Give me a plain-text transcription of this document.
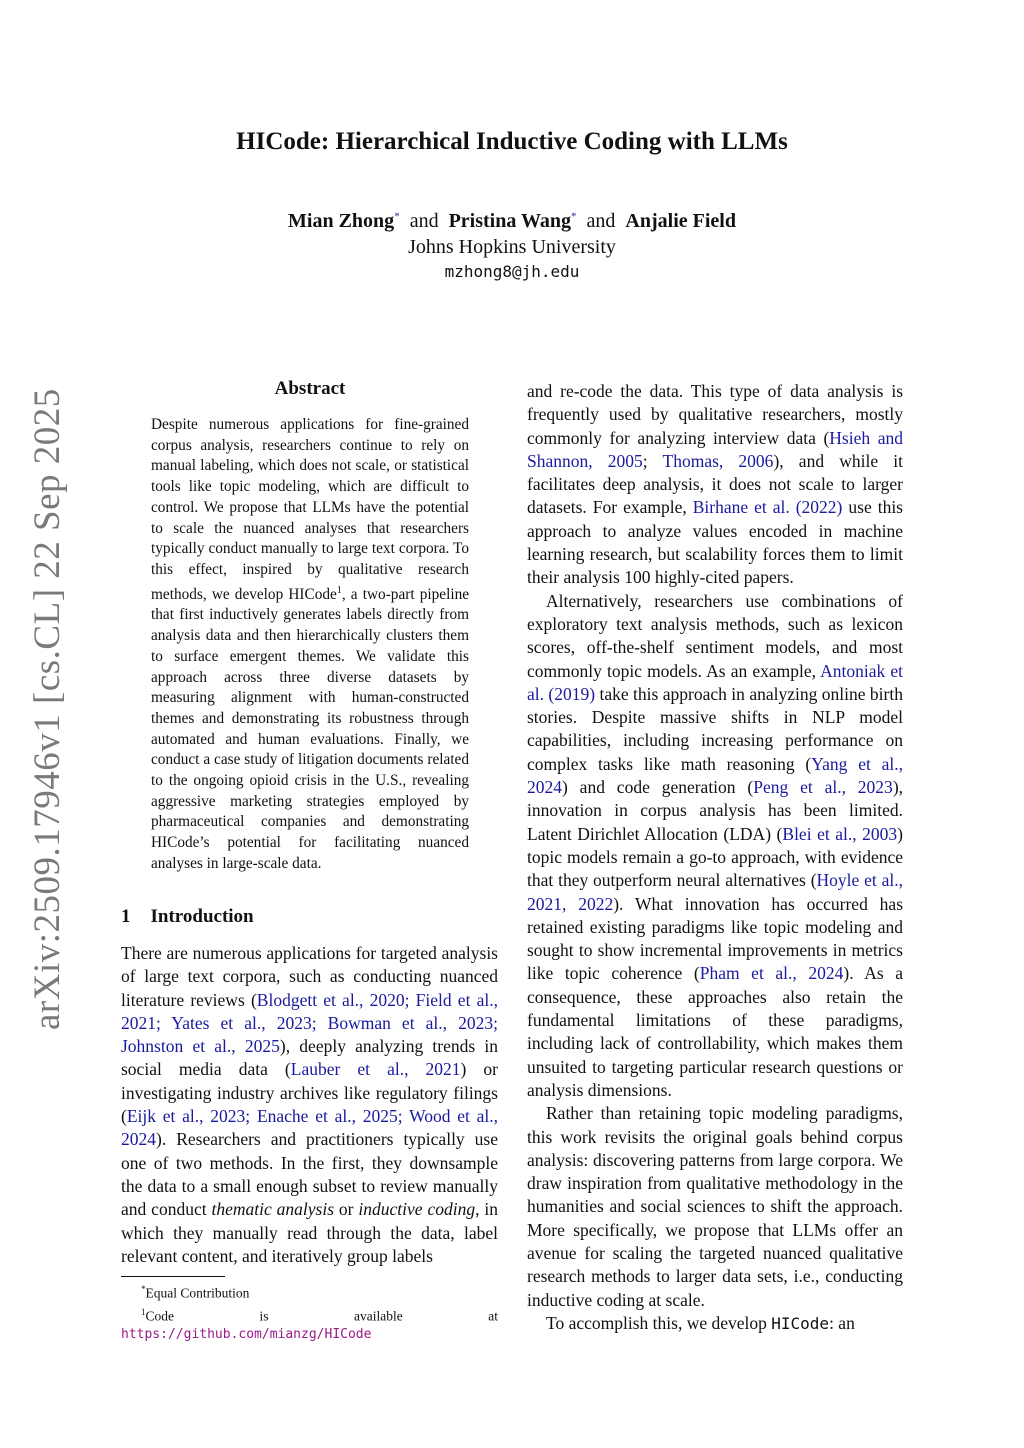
HICode: Hierarchical Inductive Coding with LLMs
Mian Zhong* and Pristina Wang* and Anjalie Field
Johns Hopkins University
mzhong8@jh.edu
arXiv:2509.17946v1 [cs.CL] 22 Sep 2025	Abstract
Despite numerous applications for fine-grained corpus analysis, researchers continue to rely on manual labeling, which does not scale, or statistical tools like topic modeling, which are difficult to control. We propose that LLMs have the potential to scale the nuanced analyses that researchers typically conduct manually to large text corpora. To this effect, inspired by qualitative research methods, we develop HICode$^1$, a two-part pipeline that first inductively generates labels directly from analysis data and then hierarchically clusters them to surface emergent themes. We validate this approach across three diverse datasets by measuring alignment with human-constructed themes and demonstrating its robustness through automated and human evaluations. Finally, we conduct a case study of litigation documents related to the ongoing opioid crisis in the U.S., revealing aggressive marketing strategies employed by pharmaceutical companies and demonstrating HICode’s potential for facilitating nuanced analyses in large-scale data.
1 Introduction

There are numerous applications for targeted analysis of large text corpora, such as conducting nuanced literature reviews (Blodgett et al., 2020; Field et al., 2021; Yates et al., 2023; Bowman et al., 2023; Johnston et al., 2025), deeply analyzing trends in social media data (Lauber et al., 2021) or investigating industry archives like regulatory filings (Eijk et al., 2023; Enache et al., 2025; Wood et al., 2024). Researchers and practitioners typically use one of two methods. In the first, they downsample the data to a small enough subset to review manually and conduct thematic analysis or inductive coding, in which they manually read through the data, label relevant content, and iteratively group labels

*Equal Contribution
$^1$Code is available at https://github.com/mianzg/HICode

and re-code the data. This type of data analysis is frequently used by qualitative researchers, mostly commonly for analyzing interview data (Hsieh and Shannon, 2005; Thomas, 2006), and while it facilitates deep analysis, it does not scale to larger datasets. For example, Birhane et al. (2022) use this approach to analyze values encoded in machine learning research, but scalability forces them to limit their analysis 100 highly-cited papers.

Alternatively, researchers use combinations of exploratory text analysis methods, such as lexicon scores, off-the-shelf sentiment models, and most commonly topic models. As an example, Antoniak et al. (2019) take this approach in analyzing online birth stories. Despite massive shifts in NLP model capabilities, including increasing performance on complex tasks like math reasoning (Yang et al., 2024) and code generation (Peng et al., 2023), innovation in corpus analysis has been limited. Latent Dirichlet Allocation (LDA) (Blei et al., 2003) topic models remain a go-to approach, with evidence that they outperform neural alternatives (Hoyle et al., 2021, 2022). What innovation has occurred has retained existing paradigms like topic modeling and sought to show incremental improvements in metrics like topic coherence (Pham et al., 2024). As a consequence, these approaches also retain the fundamental limitations of these paradigms, including lack of controllability, which makes them unsuited to targeting particular research questions or analysis dimensions.

Rather than retaining topic modeling paradigms, this work revisits the original goals behind corpus analysis: discovering patterns from large corpora. We draw inspiration from qualitative methodology in the humanities and social sciences to shift the approach. More specifically, we propose that LLMs offer an avenue for scaling the targeted nuanced qualitative research methods to larger data sets, i.e., conducting inductive coding at scale.

To accomplish this, we develop HICode: an
